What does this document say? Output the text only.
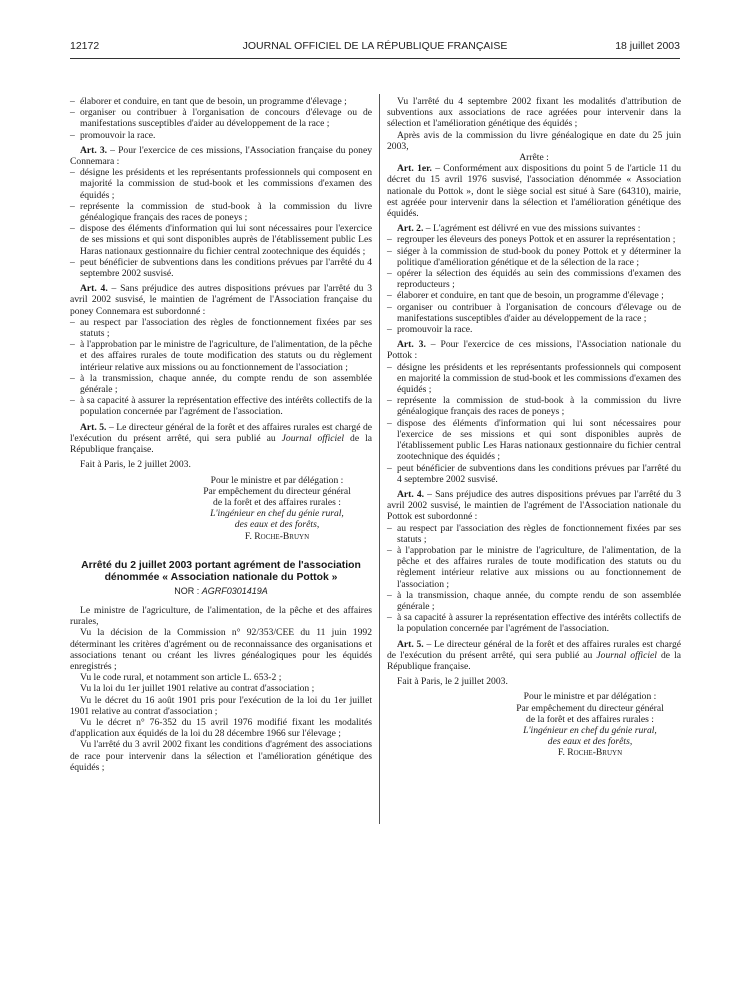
12172	JOURNAL OFFICIEL DE LA RÉPUBLIQUE FRANÇAISE	18 juillet 2003
– élaborer et conduire, en tant que de besoin, un programme d'élevage ;
– organiser ou contribuer à l'organisation de concours d'élevage ou de manifestations susceptibles d'aider au développement de la race ;
– promouvoir la race.

Art. 3. – Pour l'exercice de ces missions, l'Association française du poney Connemara :

– désigne les présidents et les représentants professionnels qui composent en majorité la commission de stud-book et les commissions d'examen des équidés ;
– représente la commission de stud-book à la commission du livre généalogique français des races de poneys ;
– dispose des éléments d'information qui lui sont nécessaires pour l'exercice de ses missions et qui sont disponibles auprès de l'établissement public Les Haras nationaux gestionnaire du fichier central zootechnique des équidés ;
– peut bénéficier de subventions dans les conditions prévues par l'arrêté du 4 septembre 2002 susvisé.

Art. 4. – Sans préjudice des autres dispositions prévues par l'arrêté du 3 avril 2002 susvisé, le maintien de l'agrément de l'Association française du poney Connemara est subordonné :

– au respect par l'association des règles de fonctionnement fixées par ses statuts ;
– à l'approbation par le ministre de l'agriculture, de l'alimentation, de la pêche et des affaires rurales de toute modification des statuts ou du règlement intérieur relative aux missions ou au fonctionnement de l'association ;
– à la transmission, chaque année, du compte rendu de son assemblée générale ;
– à sa capacité à assurer la représentation effective des intérêts collectifs de la population concernée par l'agrément de l'association.

Art. 5. – Le directeur général de la forêt et des affaires rurales est chargé de l'exécution du présent arrêté, qui sera publié au Journal officiel de la République française.

Fait à Paris, le 2 juillet 2003.

Pour le ministre et par délégation :
Par empêchement du directeur général
de la forêt et des affaires rurales :
L'ingénieur en chef du génie rural,
des eaux et des forêts,
F. Roche-Bruyn
Arrêté du 2 juillet 2003 portant agrément de l'association dénommée « Association nationale du Pottok »
NOR : AGRF0301419A

Le ministre de l'agriculture, de l'alimentation, de la pêche et des affaires rurales,

Vu la décision de la Commission n° 92/353/CEE du 11 juin 1992 déterminant les critères d'agrément ou de reconnaissance des organisations et associations tenant ou créant les livres généalogiques pour les équidés enregistrés ;

Vu le code rural, et notamment son article L. 653-2 ;

Vu la loi du 1er juillet 1901 relative au contrat d'association ;

Vu le décret du 16 août 1901 pris pour l'exécution de la loi du 1er juillet 1901 relative au contrat d'association ;

Vu le décret n° 76-352 du 15 avril 1976 modifié fixant les modalités d'application aux équidés de la loi du 28 décembre 1966 sur l'élevage ;

Vu l'arrêté du 3 avril 2002 fixant les conditions d'agrément des associations de race pour intervenir dans la sélection et l'amélioration génétique des équidés ;

Vu l'arrêté du 4 septembre 2002 fixant les modalités d'attribution de subventions aux associations de race agréées pour intervenir dans la sélection et l'amélioration génétique des équidés ;

Après avis de la commission du livre généalogique en date du 25 juin 2003,

Arrête :

Art. 1er. – Conformément aux dispositions du point 5 de l'article 11 du décret du 15 avril 1976 susvisé, l'association dénommée « Association nationale du Pottok », dont le siège social est situé à Sare (64310), mairie, est agréée pour intervenir dans la sélection et l'amélioration génétique des équidés.

Art. 2. – L'agrément est délivré en vue des missions suivantes :

– regrouper les éleveurs des poneys Pottok et en assurer la représentation ;
– siéger à la commission de stud-book du poney Pottok et y déterminer la politique d'amélioration génétique et de la sélection de la race ;
– opérer la sélection des équidés au sein des commissions d'examen des reproducteurs ;
– élaborer et conduire, en tant que de besoin, un programme d'élevage ;
– organiser ou contribuer à l'organisation de concours d'élevage ou de manifestations susceptibles d'aider au développement de la race ;
– promouvoir la race.

Art. 3. – Pour l'exercice de ces missions, l'Association nationale du Pottok :

– désigne les présidents et les représentants professionnels qui composent en majorité la commission de stud-book et les commissions d'examen des équidés ;
– représente la commission de stud-book à la commission du livre généalogique français des races de poneys ;
– dispose des éléments d'information qui lui sont nécessaires pour l'exercice de ses missions et qui sont disponibles auprès de l'établissement public Les Haras nationaux gestionnaire du fichier central zootechnique des équidés ;
– peut bénéficier de subventions dans les conditions prévues par l'arrêté du 4 septembre 2002 susvisé.

Art. 4. – Sans préjudice des autres dispositions prévues par l'arrêté du 3 avril 2002 susvisé, le maintien de l'agrément de l'Association nationale du Pottok est subordonné :

– au respect par l'association des règles de fonctionnement fixées par ses statuts ;
– à l'approbation par le ministre de l'agriculture, de l'alimentation, de la pêche et des affaires rurales de toute modification des statuts ou du règlement intérieur relative aux missions ou au fonctionnement de l'association ;
– à la transmission, chaque année, du compte rendu de son assemblée générale ;
– à sa capacité à assurer la représentation effective des intérêts collectifs de la population concernée par l'agrément de l'association.

Art. 5. – Le directeur général de la forêt et des affaires rurales est chargé de l'exécution du présent arrêté, qui sera publié au Journal officiel de la République française.

Fait à Paris, le 2 juillet 2003.

Pour le ministre et par délégation :
Par empêchement du directeur général
de la forêt et des affaires rurales :
L'ingénieur en chef du génie rural,
des eaux et des forêts,
F. Roche-Bruyn
